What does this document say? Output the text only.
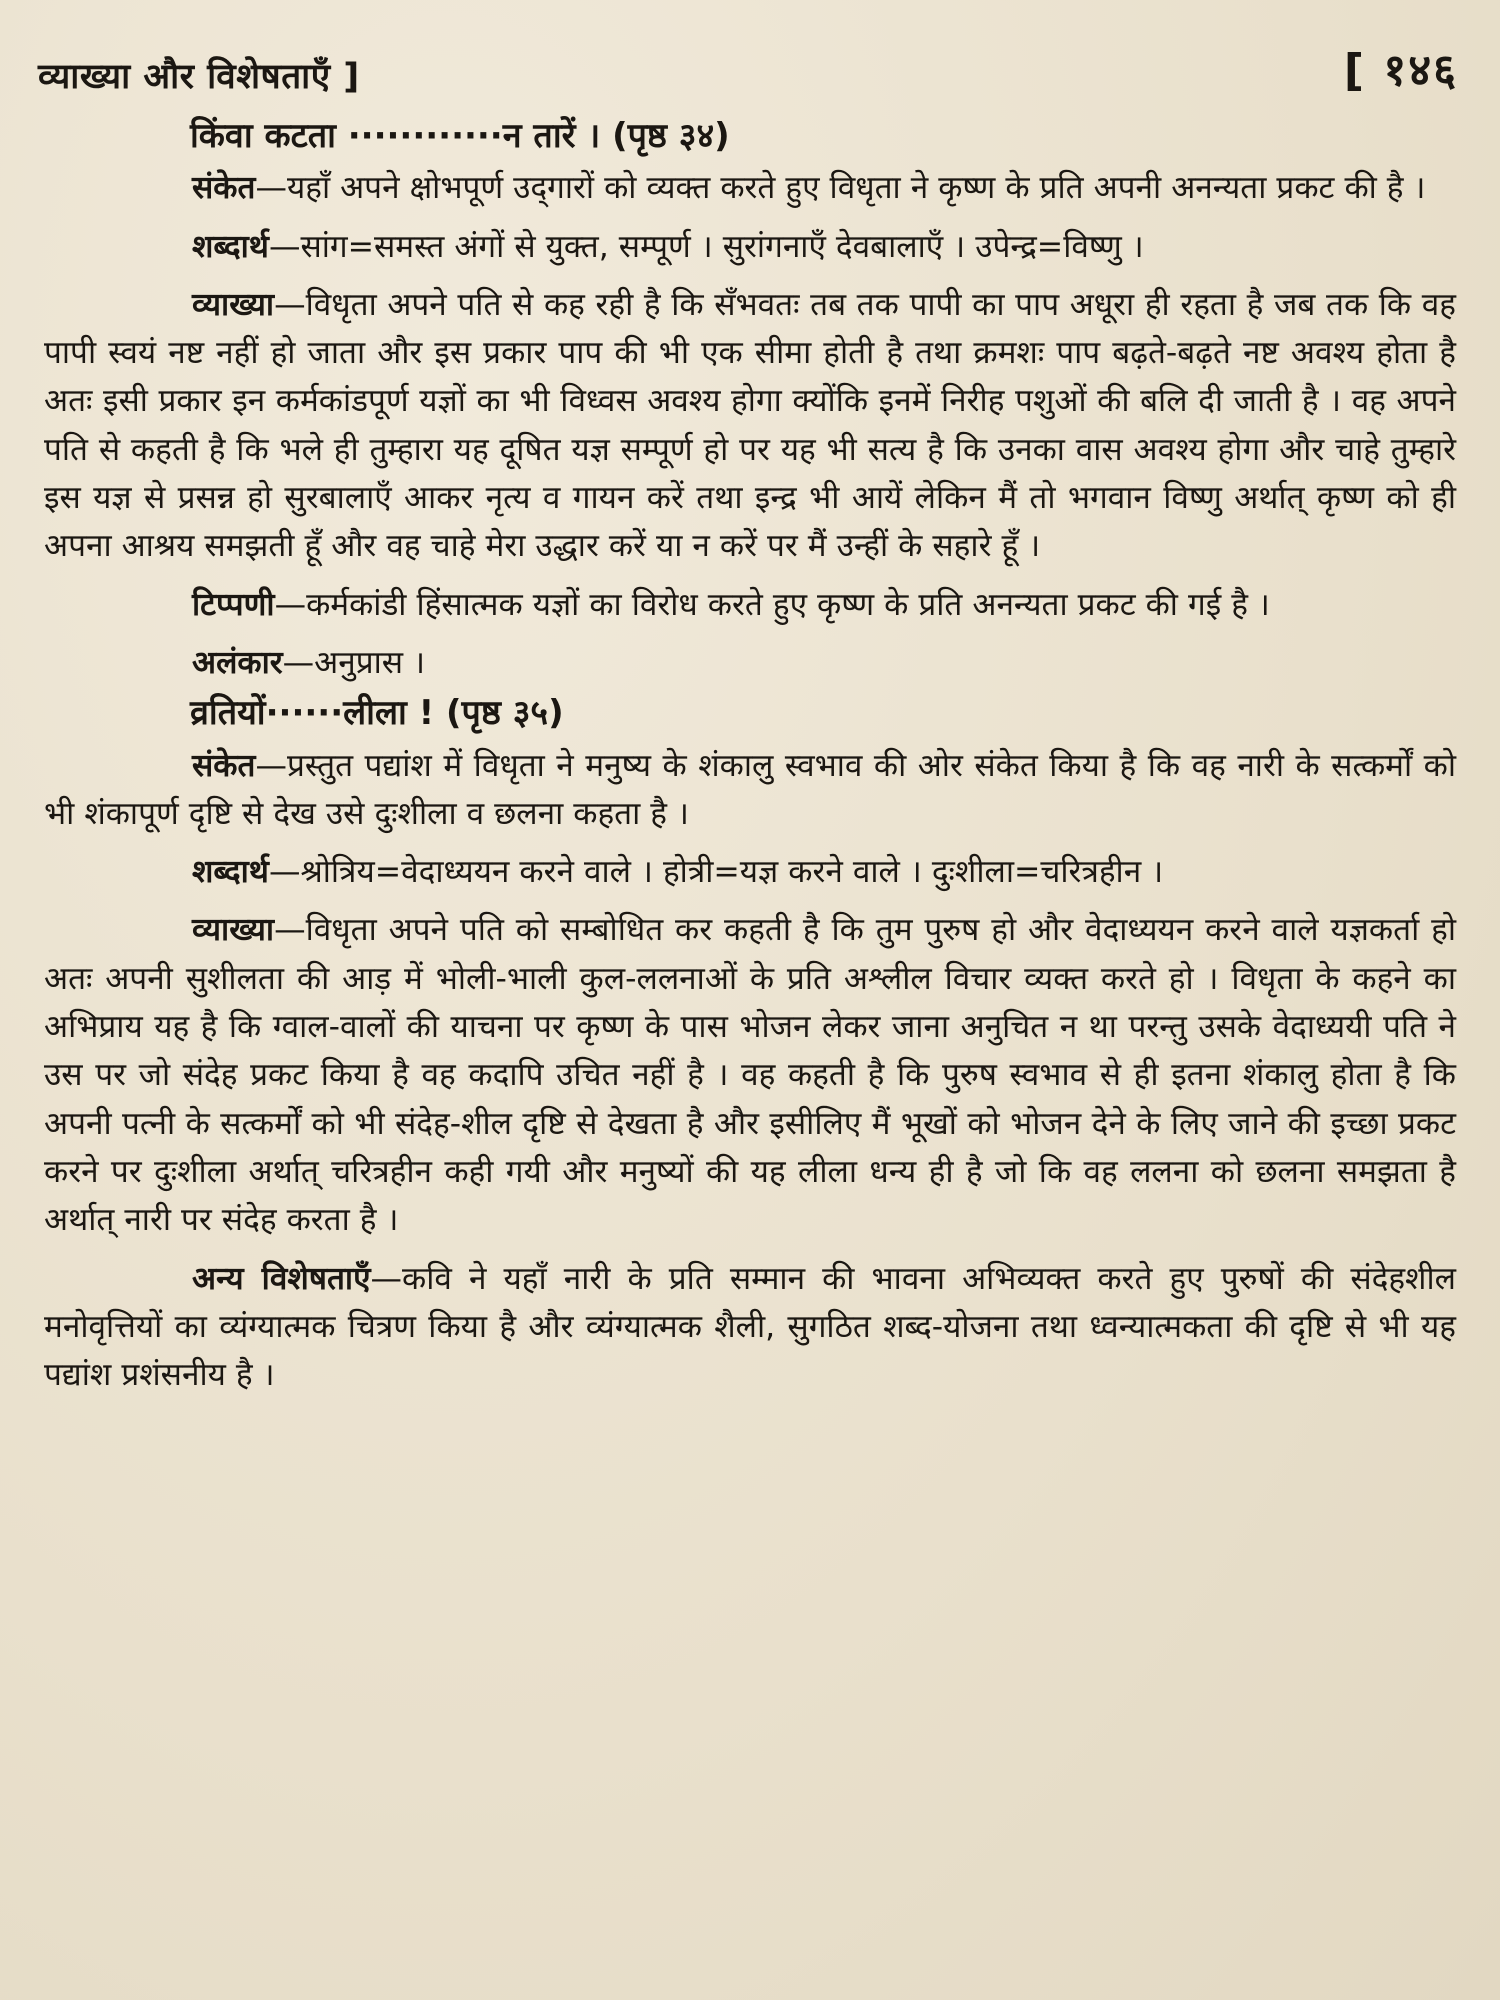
व्याख्या और विशेषताएँ ]	[ १४६

किंवा कटता ············न तारें । (पृष्ठ ३४)

संकेत—यहाँ अपने क्षोभपूर्ण उद्‌गारों को व्यक्त करते हुए विधृता ने कृष्ण के प्रति अपनी अनन्यता प्रकट की है ।

शब्दार्थ—सांग=समस्त अंगों से युक्त, सम्पूर्ण । सुरांगनाएँ देवबालाएँ । उपेन्द्र=विष्णु ।

व्याख्या—विधृता अपने पति से कह रही है कि सँभवतः तब तक पापी का पाप अधूरा ही रहता है जब तक कि वह पापी स्वयं नष्ट नहीं हो जाता और इस प्रकार पाप की भी एक सीमा होती है तथा क्रमशः पाप बढ़ते-बढ़ते नष्ट अवश्य होता है अतः इसी प्रकार इन कर्मकांडपूर्ण यज्ञों का भी विध्वस अवश्य होगा क्योंकि इनमें निरीह पशुओं की बलि दी जाती है । वह अपने पति से कहती है कि भले ही तुम्हारा यह दूषित यज्ञ सम्पूर्ण हो पर यह भी सत्य है कि उनका वास अवश्य होगा और चाहे तुम्हारे इस यज्ञ से प्रसन्न हो सुरबालाएँ आकर नृत्य व गायन करें तथा इन्द्र भी आयें लेकिन मैं तो भगवान विष्णु अर्थात् कृष्ण को ही अपना आश्रय समझती हूँ और वह चाहे मेरा उद्धार करें या न करें पर मैं उन्हीं के सहारे हूँ ।

टिप्पणी—कर्मकांडी हिंसात्मक यज्ञों का विरोध करते हुए कृष्ण के प्रति अनन्यता प्रकट की गई है ।

अलंकार—अनुप्रास ।

व्रतियों······लीला ! (पृष्ठ ३५)

संकेत—प्रस्तुत पद्यांश में विधृता ने मनुष्य के शंकालु स्वभाव की ओर संकेत किया है कि वह नारी के सत्कर्मों को भी शंकापूर्ण दृष्टि से देख उसे दुःशीला व छलना कहता है ।

शब्दार्थ—श्रोत्रिय=वेदाध्ययन करने वाले । होत्री=यज्ञ करने वाले । दुःशीला=चरित्रहीन ।

व्याख्या—विधृता अपने पति को सम्बोधित कर कहती है कि तुम पुरुष हो और वेदाध्ययन करने वाले यज्ञकर्ता हो अतः अपनी सुशीलता की आड़ में भोली-भाली कुल-ललनाओं के प्रति अश्लील विचार व्यक्त करते हो । विधृता के कहने का अभिप्राय यह है कि ग्वाल-वालों की याचना पर कृष्ण के पास भोजन लेकर जाना अनुचित न था परन्तु उसके वेदाध्ययी पति ने उस पर जो संदेह प्रकट किया है वह कदापि उचित नहीं है । वह कहती है कि पुरुष स्वभाव से ही इतना शंकालु होता है कि अपनी पत्नी के सत्कर्मों को भी संदेह-शील दृष्टि से देखता है और इसीलिए मैं भूखों को भोजन देने के लिए जाने की इच्छा प्रकट करने पर दुःशीला अर्थात् चरित्रहीन कही गयी और मनुष्यों की यह लीला धन्य ही है जो कि वह ललना को छलना समझता है अर्थात् नारी पर संदेह करता है ।

अन्य विशेषताएँ—कवि ने यहाँ नारी के प्रति सम्मान की भावना अभिव्यक्त करते हुए पुरुषों की संदेहशील मनोवृत्तियों का व्यंग्यात्मक चित्रण किया है और व्यंग्यात्मक शैली, सुगठित शब्द-योजना तथा ध्वन्यात्मकता की दृष्टि से भी यह पद्यांश प्रशंसनीय है ।
